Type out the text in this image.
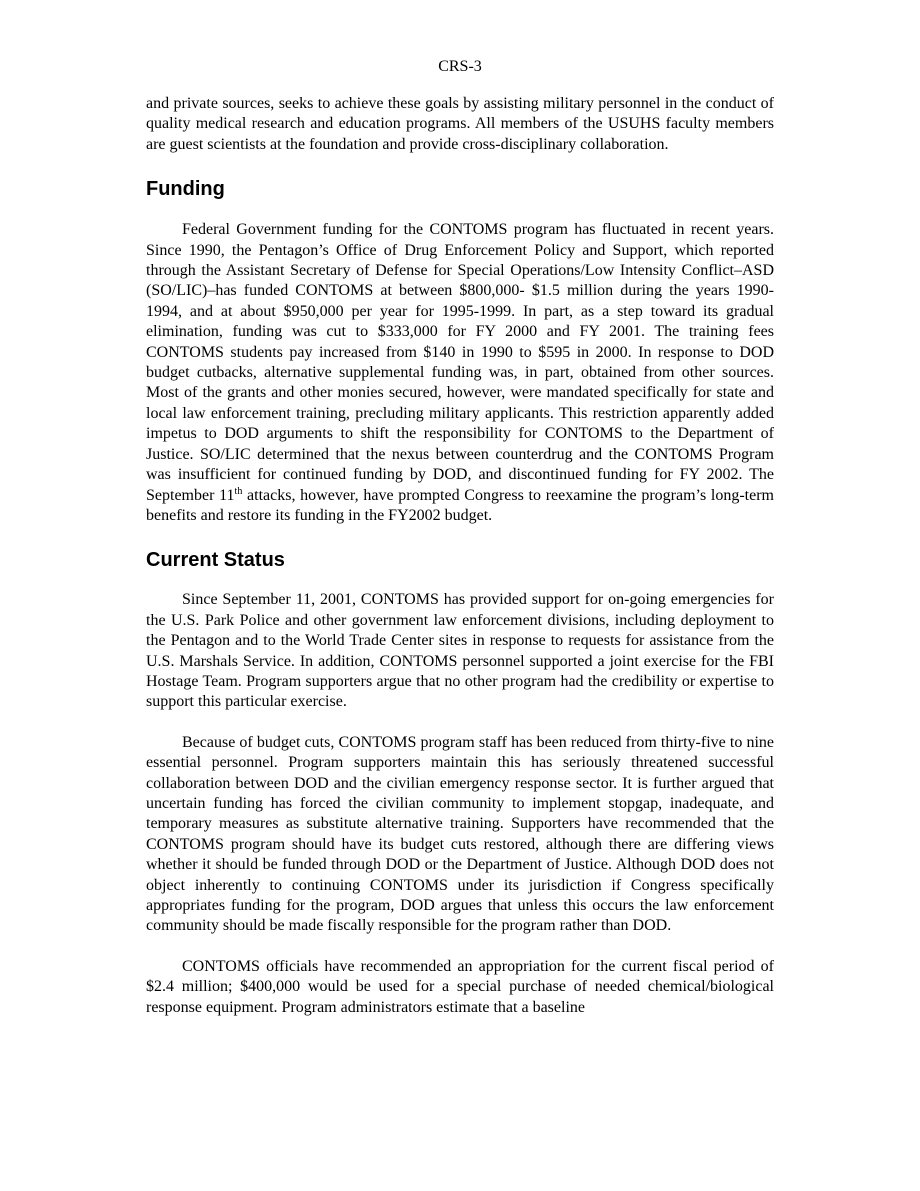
CRS-3

and private sources, seeks to achieve these goals by assisting military personnel in the conduct of quality medical research and education programs. All members of the USUHS faculty members are guest scientists at the foundation and provide cross-disciplinary collaboration.

Funding

Federal Government funding for the CONTOMS program has fluctuated in recent years. Since 1990, the Pentagon’s Office of Drug Enforcement Policy and Support, which reported through the Assistant Secretary of Defense for Special Operations/Low Intensity Conflict–ASD (SO/LIC)–has funded CONTOMS at between $800,000- $1.5 million during the years 1990-1994, and at about $950,000 per year for 1995-1999. In part, as a step toward its gradual elimination, funding was cut to $333,000 for FY 2000 and FY 2001. The training fees CONTOMS students pay increased from $140 in 1990 to $595 in 2000. In response to DOD budget cutbacks, alternative supplemental funding was, in part, obtained from other sources. Most of the grants and other monies secured, however, were mandated specifically for state and local law enforcement training, precluding military applicants. This restriction apparently added impetus to DOD arguments to shift the responsibility for CONTOMS to the Department of Justice. SO/LIC determined that the nexus between counterdrug and the CONTOMS Program was insufficient for continued funding by DOD, and discontinued funding for FY 2002. The September 11th attacks, however, have prompted Congress to reexamine the program’s long-term benefits and restore its funding in the FY2002 budget.

Current Status

Since September 11, 2001, CONTOMS has provided support for on-going emergencies for the U.S. Park Police and other government law enforcement divisions, including deployment to the Pentagon and to the World Trade Center sites in response to requests for assistance from the U.S. Marshals Service. In addition, CONTOMS personnel supported a joint exercise for the FBI Hostage Team. Program supporters argue that no other program had the credibility or expertise to support this particular exercise.

Because of budget cuts, CONTOMS program staff has been reduced from thirty-five to nine essential personnel. Program supporters maintain this has seriously threatened successful collaboration between DOD and the civilian emergency response sector. It is further argued that uncertain funding has forced the civilian community to implement stopgap, inadequate, and temporary measures as substitute alternative training. Supporters have recommended that the CONTOMS program should have its budget cuts restored, although there are differing views whether it should be funded through DOD or the Department of Justice. Although DOD does not object inherently to continuing CONTOMS under its jurisdiction if Congress specifically appropriates funding for the program, DOD argues that unless this occurs the law enforcement community should be made fiscally responsible for the program rather than DOD.

CONTOMS officials have recommended an appropriation for the current fiscal period of $2.4 million; $400,000 would be used for a special purchase of needed chemical/biological response equipment. Program administrators estimate that a baseline
